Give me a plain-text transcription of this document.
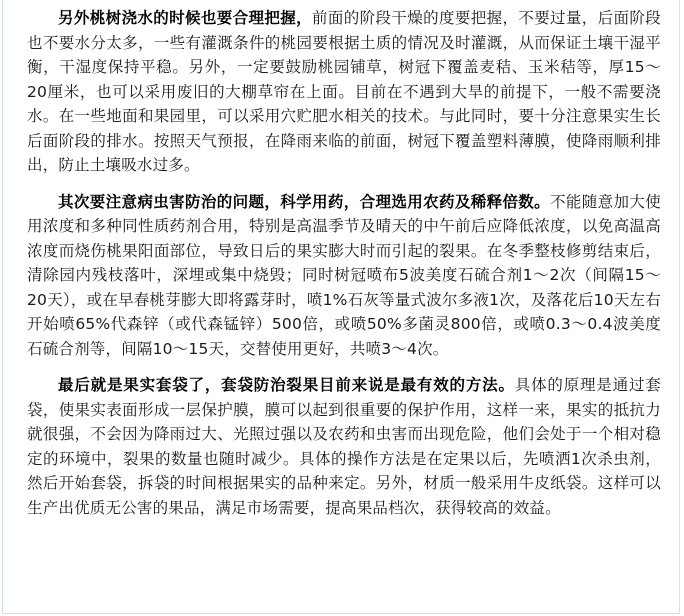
另外桃树浇水的时候也要合理把握，前面的阶段干燥的度要把握，不要过量，后面阶段也不要水分太多，一些有灌溉条件的桃园要根据土质的情况及时灌溉，从而保证土壤干湿平衡，干湿度保持平稳。另外，一定要鼓励桃园铺草，树冠下覆盖麦秸、玉米秸等，厚15～20厘米，也可以采用废旧的大棚草帘在上面。目前在不遇到大旱的前提下，一般不需要浇水。在一些地面和果园里，可以采用穴贮肥水相关的技术。与此同时，要十分注意果实生长后面阶段的排水。按照天气预报，在降雨来临的前面，树冠下覆盖塑料薄膜，使降雨顺利排出，防止土壤吸水过多。

其次要注意病虫害防治的问题，科学用药，合理选用农药及稀释倍数。不能随意加大使用浓度和多种同性质药剂合用，特别是高温季节及晴天的中午前后应降低浓度，以免高温高浓度而烧伤桃果阳面部位，导致日后的果实膨大时而引起的裂果。在冬季整枝修剪结束后，清除园内残枝落叶，深埋或集中烧毁；同时树冠喷布5波美度石硫合剂1～2次（间隔15～20天），或在早春桃芽膨大即将露芽时，喷1%石灰等量式波尔多液1次，及落花后10天左右开始喷65%代森锌（或代森锰锌）500倍，或喷50%多菌灵800倍，或喷0.3～0.4波美度石硫合剂等，间隔10～15天，交替使用更好，共喷3～4次。

最后就是果实套袋了，套袋防治裂果目前来说是最有效的方法。具体的原理是通过套袋，使果实表面形成一层保护膜，膜可以起到很重要的保护作用，这样一来，果实的抵抗力就很强，不会因为降雨过大、光照过强以及农药和虫害而出现危险，他们会处于一个相对稳定的环境中，裂果的数量也随时减少。具体的操作方法是在定果以后，先喷洒1次杀虫剂，然后开始套袋，拆袋的时间根据果实的品种来定。另外，材质一般采用牛皮纸袋。这样可以生产出优质无公害的果品，满足市场需要，提高果品档次，获得较高的效益。
